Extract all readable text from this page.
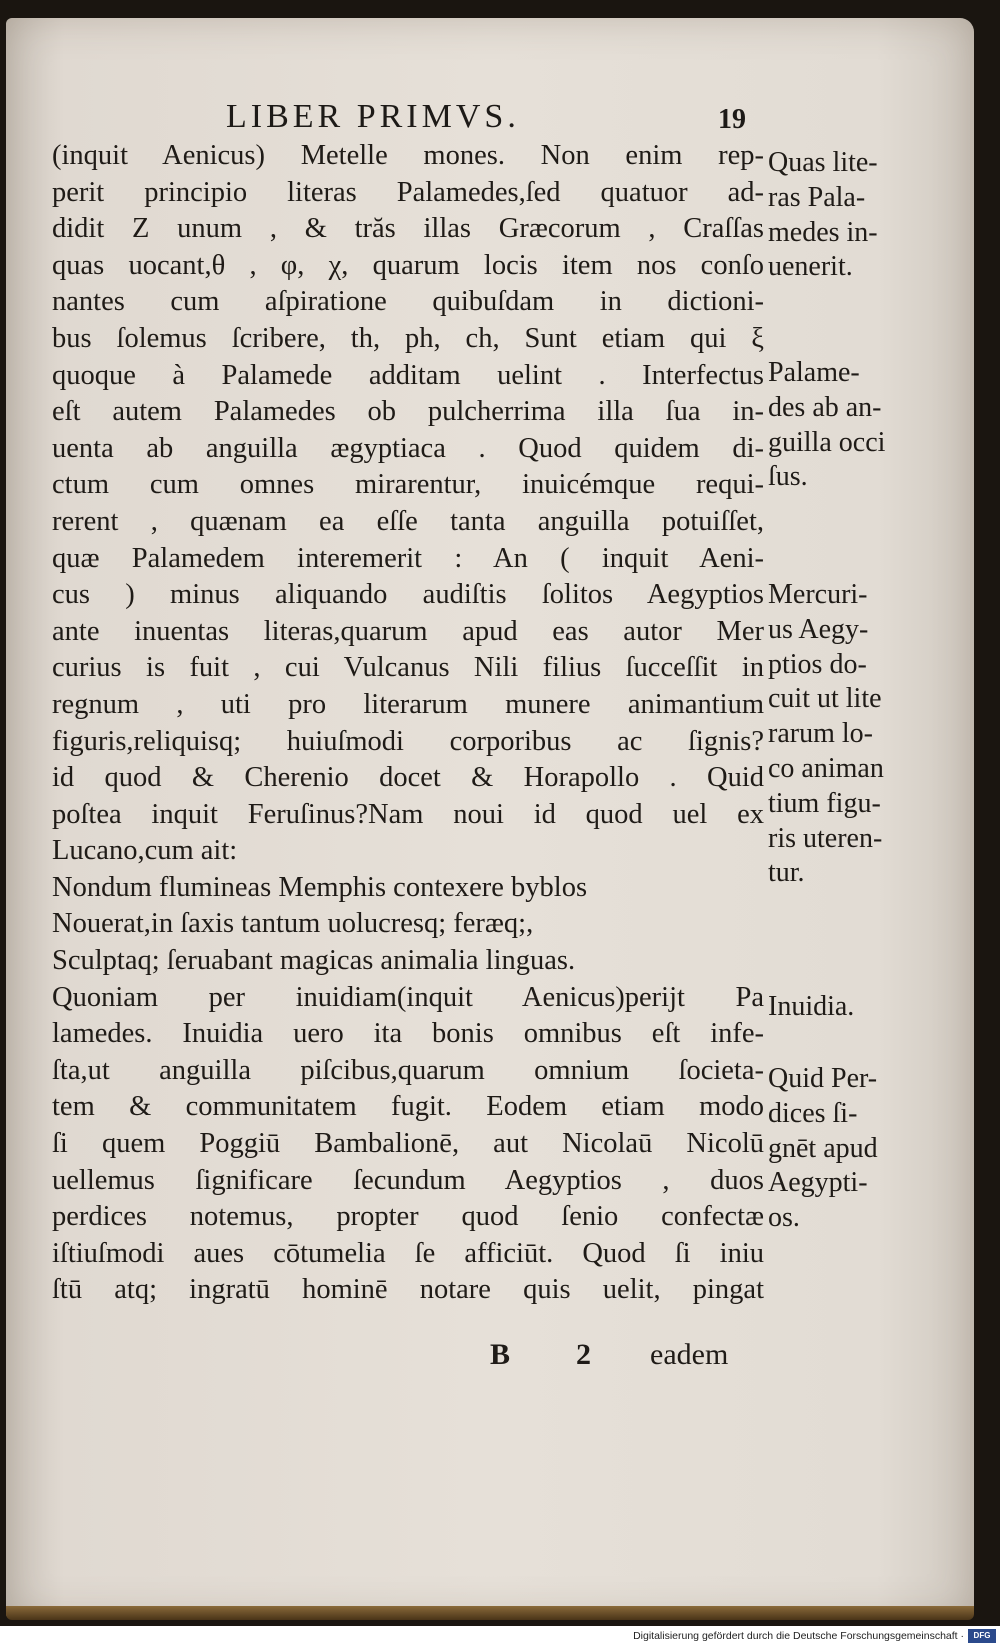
LIBER PRIMVS.	19
(inquit Aenicus) Metelle mones. Non enim rep-
perit principio literas Palamedes,ſed quatuor ad-
didit Z unum , & trăs illas Græcorum , Craſſas
quas uocant,θ , φ, χ, quarum locis item nos conſo
nantes cum aſpiratione quibuſdam in dictioni-
bus ſolemus ſcribere, th, ph, ch, Sunt etiam qui ξ
quoque à Palamede additam uelint . Interfectus
eſt autem Palamedes ob pulcherrima illa ſua in-
uenta ab anguilla ægyptiaca . Quod quidem di-
ctum cum omnes mirarentur, inuicémque requi-
rerent , quænam ea eſſe tanta anguilla potuiſſet,
quæ Palamedem interemerit : An ( inquit Aeni-
cus ) minus aliquando audiſtis ſolitos Aegyptios
ante inuentas literas,quarum apud eas autor Mer
curius is fuit , cui Vulcanus Nili filius ſucceſſit in
regnum , uti pro literarum munere animantium
figuris,reliquisq; huiuſmodi corporibus ac ſignis?
id quod & Cherenio docet & Horapollo . Quid
poſtea inquit Feruſinus?Nam noui id quod uel ex
Lucano,cum ait:
Nondum flumineas Memphis contexere byblos
Nouerat,in ſaxis tantum uolucresq; feræq;,
Sculptaq; ſeruabant magicas animalia linguas.
Quoniam per inuidiam(inquit Aenicus)perijt Pa
lamedes. Inuidia uero ita bonis omnibus eſt infe-
ſta,ut anguilla piſcibus,quarum omnium ſocieta-
tem & communitatem fugit. Eodem etiam modo
ſi quem Poggiū Bambalionē, aut Nicolaū Nicolū
uellemus ſignificare ſecundum Aegyptios , duos
perdices notemus, propter quod ſenio confectæ
iſtiuſmodi aues cōtumelia ſe afficiūt. Quod ſi iniu
ſtū atq; ingratū hominē notare quis uelit, pingat
Quas lite-
ras Pala-
medes in-
uenerit.
Palame-
des ab an-
guilla occi
ſus.
Mercuri-
us Aegy-
ptios do-
cuit ut lite
rarum lo-
co animan
tium figu-
ris uteren-
tur.
Inuidia.
Quid Per-
dices ſi-
gnēt apud
Aegypti-
os.
B 2 eadem
Digitalisierung gefördert durch die Deutsche Forschungsgemeinschaft ·	DFG
